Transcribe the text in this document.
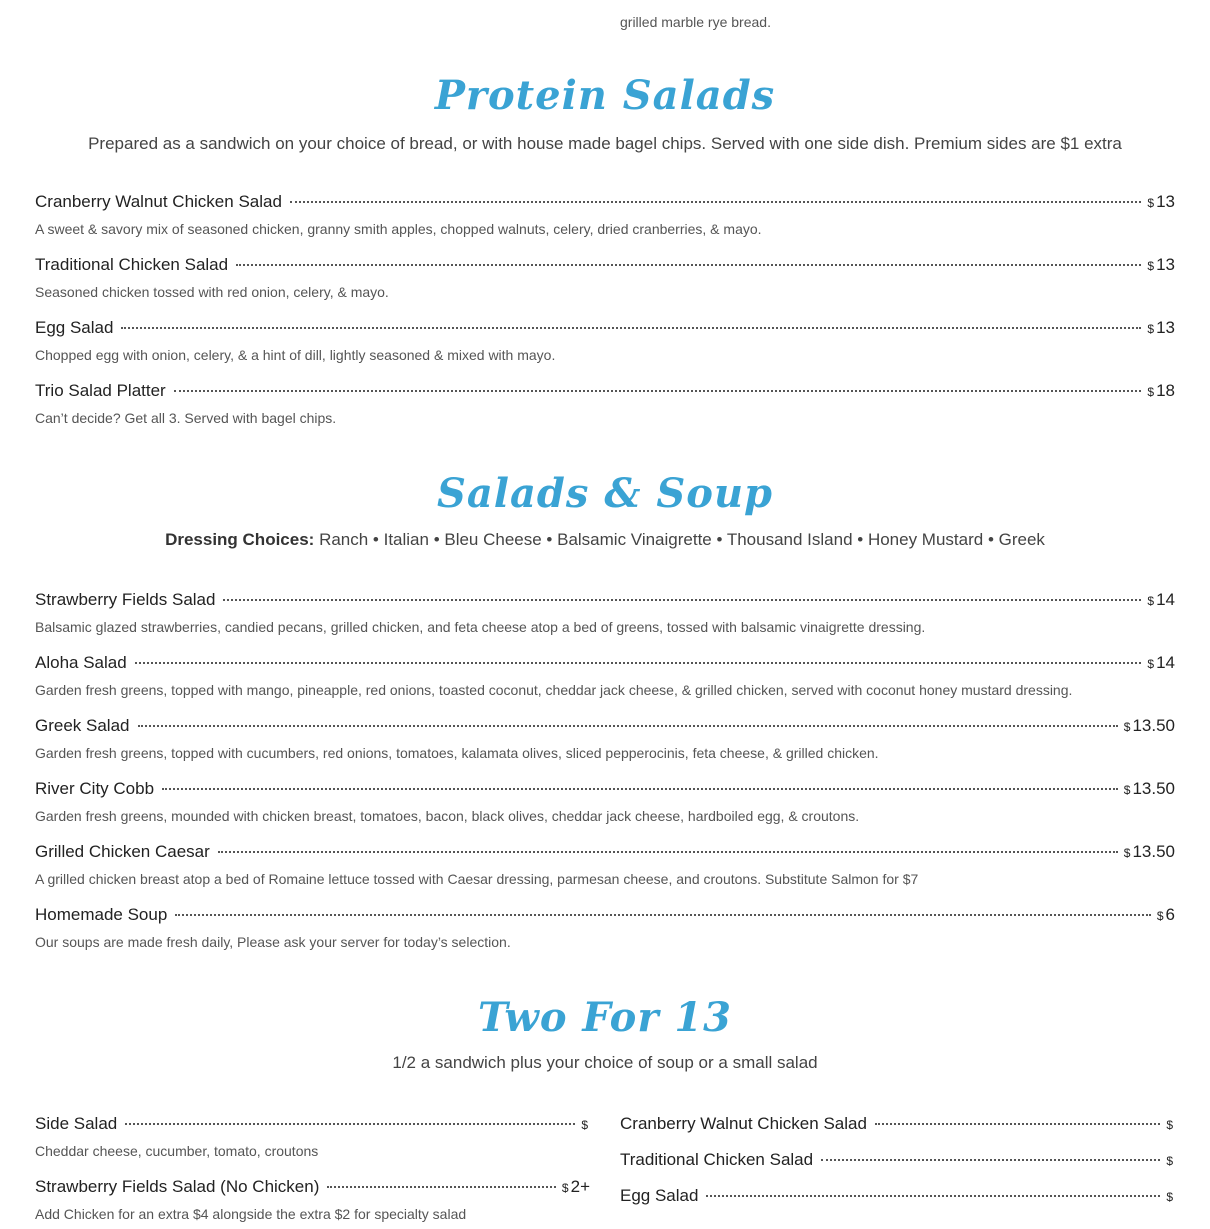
grilled marble rye bread.
Protein Salads
Prepared as a sandwich on your choice of bread, or with house made bagel chips. Served with one side dish. Premium sides are $1 extra
Cranberry Walnut Chicken Salad	$ 13
A sweet & savory mix of seasoned chicken, granny smith apples, chopped walnuts, celery, dried cranberries, & mayo.
Traditional Chicken Salad	$ 13
Seasoned chicken tossed with red onion, celery, & mayo.
Egg Salad	$ 13
Chopped egg with onion, celery, & a hint of dill, lightly seasoned & mixed with mayo.
Trio Salad Platter	$ 18
Can’t decide? Get all 3. Served with bagel chips.
Salads & Soup
Dressing Choices: Ranch • Italian • Bleu Cheese • Balsamic Vinaigrette • Thousand Island • Honey Mustard • Greek
Strawberry Fields Salad	$ 14
Balsamic glazed strawberries, candied pecans, grilled chicken, and feta cheese atop a bed of greens, tossed with balsamic vinaigrette dressing.
Aloha Salad	$ 14
Garden fresh greens, topped with mango, pineapple, red onions, toasted coconut, cheddar jack cheese, & grilled chicken, served with coconut honey mustard dressing.
Greek Salad	$ 13.50
Garden fresh greens, topped with cucumbers, red onions, tomatoes, kalamata olives, sliced pepperocinis, feta cheese, & grilled chicken.
River City Cobb	$ 13.50
Garden fresh greens, mounded with chicken breast, tomatoes, bacon, black olives, cheddar jack cheese, hardboiled egg, & croutons.
Grilled Chicken Caesar	$ 13.50
A grilled chicken breast atop a bed of Romaine lettuce tossed with Caesar dressing, parmesan cheese, and croutons. Substitute Salmon for $7
Homemade Soup	$ 6
Our soups are made fresh daily, Please ask your server for today’s selection.
Two For 13
1/2 a sandwich plus your choice of soup or a small salad
Side Salad	$
Cheddar cheese, cucumber, tomato, croutons
Strawberry Fields Salad (No Chicken)	$ 2+
Add Chicken for an extra $4 alongside the extra $2 for specialty salad
Cranberry Walnut Chicken Salad	$
Traditional Chicken Salad	$
Egg Salad	$
